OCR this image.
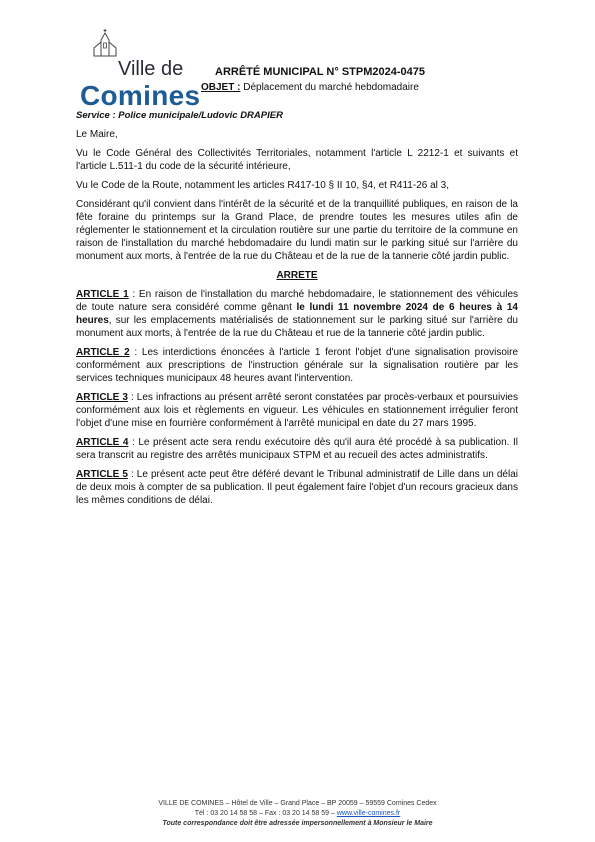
Ville de
Comines
ARRÊTÉ MUNICIPAL N° STPM2024-0475
OBJET : Déplacement du marché hebdomadaire
Service : Police municipale/Ludovic DRAPIER

Le Maire,

Vu le Code Général des Collectivités Territoriales, notamment l'article L 2212-1 et suivants et l'article L.511-1 du code de la sécurité intérieure,

Vu le Code de la Route, notamment les articles R417-10 § II 10, §4, et R411-26 al 3,

Considérant qu'il convient dans l'intérêt de la sécurité et de la tranquillité publiques, en raison de la fête foraine du printemps sur la Grand Place, de prendre toutes les mesures utiles afin de réglementer le stationnement et la circulation routière sur une partie du territoire de la commune en raison de l'installation du marché hebdomadaire du lundi matin sur le parking situé sur l'arrière du monument aux morts, à l'entrée de la rue du Château et de la rue de la tannerie côté jardin public.

ARRETE

ARTICLE 1 : En raison de l'installation du marché hebdomadaire, le stationnement des véhicules de toute nature sera considéré comme gênant le lundi 11 novembre 2024 de 6 heures à 14 heures, sur les emplacements matérialisés de stationnement sur le parking situé sur l'arrière du monument aux morts, à l'entrée de la rue du Château et rue de la tannerie côté jardin public.

ARTICLE 2 : Les interdictions énoncées à l'article 1 feront l'objet d'une signalisation provisoire conformément aux prescriptions de l'instruction générale sur la signalisation routière par les services techniques municipaux 48 heures avant l'intervention.

ARTICLE 3 : Les infractions au présent arrêté seront constatées par procès-verbaux et poursuivies conformément aux lois et règlements en vigueur. Les véhicules en stationnement irrégulier feront l'objet d'une mise en fourrière conformément à l'arrêté municipal en date du 27 mars 1995.

ARTICLE 4 : Le présent acte sera rendu exécutoire dès qu'il aura été procédé à sa publication. Il sera transcrit au registre des arrêtés municipaux STPM et au recueil des actes administratifs.

ARTICLE 5 : Le présent acte peut être déféré devant le Tribunal administratif de Lille dans un délai de deux mois à compter de sa publication. Il peut également faire l'objet d'un recours gracieux dans les mêmes conditions de délai.

VILLE DE COMINES – Hôtel de Ville – Grand Place – BP 20059 – 59559 Comines Cedex
Tél : 03 20 14 58 58 – Fax : 03 20 14 58 59 – www.ville-comines.fr
Toute correspondance doit être adressée impersonnellement à Monsieur le Maire
